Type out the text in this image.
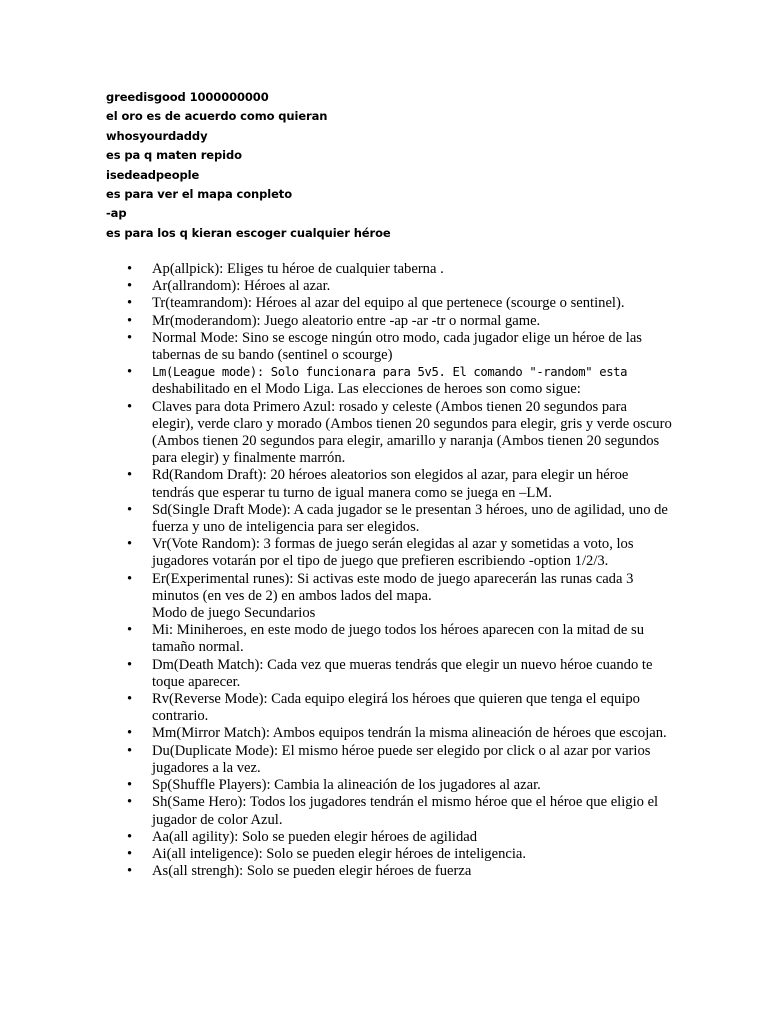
greedisgood 1000000000
el oro es de acuerdo como quieran
whosyourdaddy
es pa q maten repido
isedeadpeople
es para ver el mapa conpleto
-ap
es para los q kieran escoger cualquier héroe
• Ap(allpick): Eliges tu héroe de cualquier taberna .
• Ar(allrandom): Héroes al azar.
• Tr(teamrandom): Héroes al azar del equipo al que pertenece (scourge o sentinel).
• Mr(moderandom): Juego aleatorio entre -ap -ar -tr o normal game.
• Normal Mode: Sino se escoge ningún otro modo, cada jugador elige un héroe de las tabernas de su bando (sentinel o scourge)
• Lm(League mode): Solo funcionara para 5v5. El comando "-random" esta deshabilitado en el Modo Liga. Las elecciones de heroes son como sigue:
• Claves para dota Primero Azul: rosado y celeste (Ambos tienen 20 segundos para elegir), verde claro y morado (Ambos tienen 20 segundos para elegir, gris y verde oscuro (Ambos tienen 20 segundos para elegir, amarillo y naranja (Ambos tienen 20 segundos para elegir) y finalmente marrón.
• Rd(Random Draft): 20 héroes aleatorios son elegidos al azar, para elegir un héroe tendrás que esperar tu turno de igual manera como se juega en –LM.
• Sd(Single Draft Mode): A cada jugador se le presentan 3 héroes, uno de agilidad, uno de fuerza y uno de inteligencia para ser elegidos.
• Vr(Vote Random): 3 formas de juego serán elegidas al azar y sometidas a voto, los jugadores votarán por el tipo de juego que prefieren escribiendo -option 1/2/3.
• Er(Experimental runes): Si activas este modo de juego aparecerán las runas cada 3 minutos (en ves de 2) en ambos lados del mapa.
Modo de juego Secundarios
• Mi: Miniheroes, en este modo de juego todos los héroes aparecen con la mitad de su tamaño normal.
• Dm(Death Match): Cada vez que mueras tendrás que elegir un nuevo héroe cuando te toque aparecer.
• Rv(Reverse Mode): Cada equipo elegirá los héroes que quieren que tenga el equipo contrario.
• Mm(Mirror Match): Ambos equipos tendrán la misma alineación de héroes que escojan.
• Du(Duplicate Mode): El mismo héroe puede ser elegido por click o al azar por varios jugadores a la vez.
• Sp(Shuffle Players): Cambia la alineación de los jugadores al azar.
• Sh(Same Hero): Todos los jugadores tendrán el mismo héroe que el héroe que eligio el jugador de color Azul.
• Aa(all agility): Solo se pueden elegir héroes de agilidad
• Ai(all inteligence): Solo se pueden elegir héroes de inteligencia.
• As(all strengh): Solo se pueden elegir héroes de fuerza
